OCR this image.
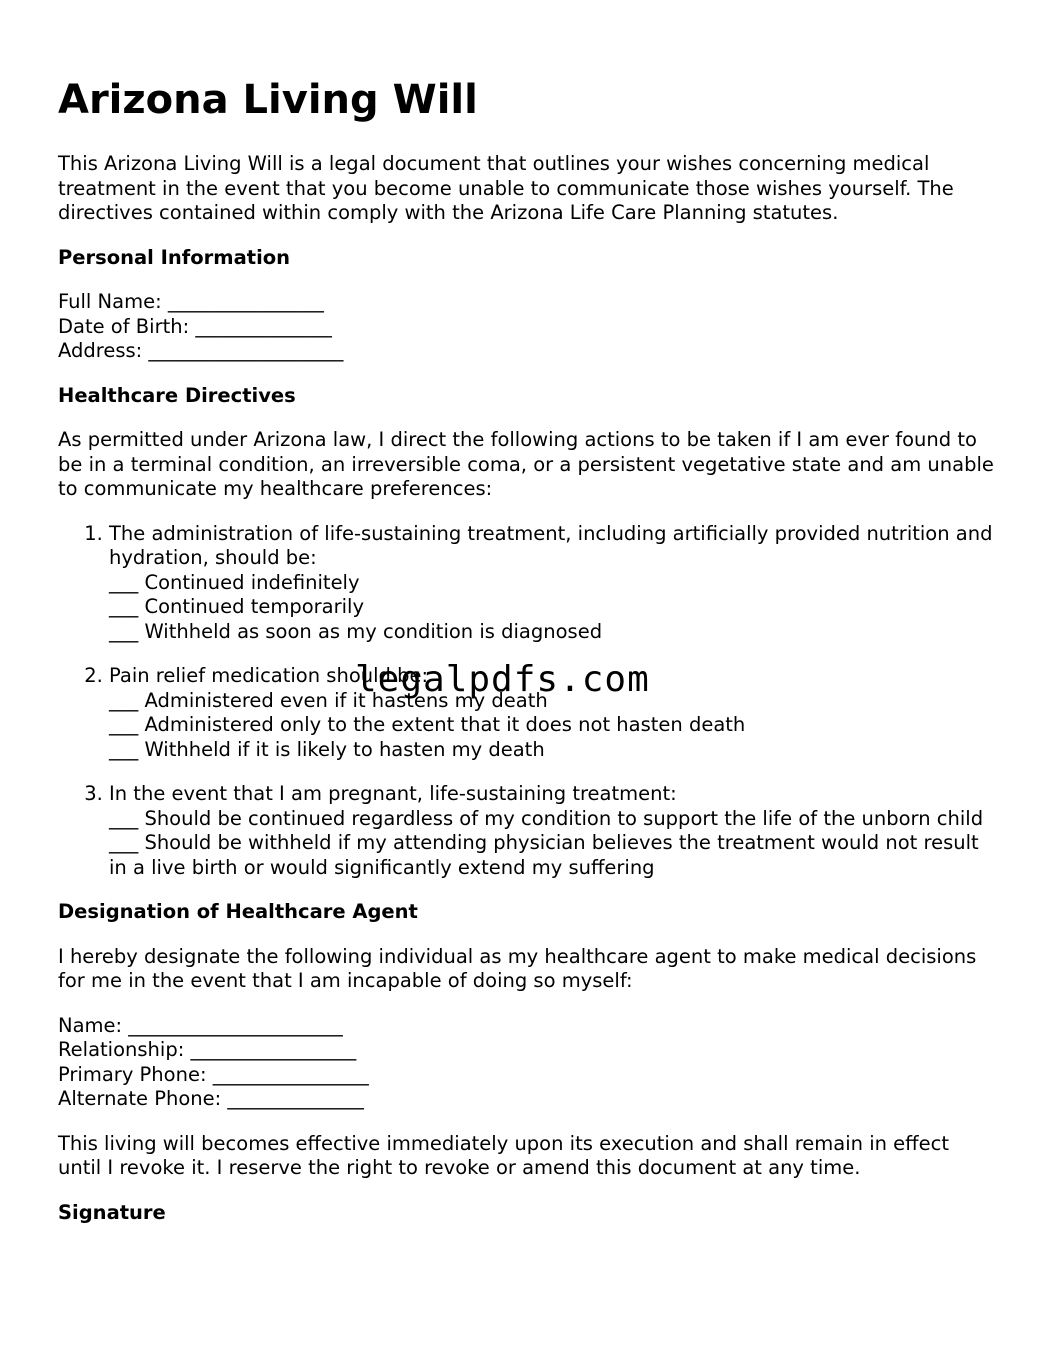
Arizona Living Will

This Arizona Living Will is a legal document that outlines your wishes concerning medical treatment in the event that you become unable to communicate those wishes yourself. The directives contained within comply with the Arizona Life Care Planning statutes.

Personal Information
Full Name: ________________
Date of Birth: ______________
Address: ____________________
Healthcare Directives

As permitted under Arizona law, I direct the following actions to be taken if I am ever found to be in a terminal condition, an irreversible coma, or a persistent vegetative state and am unable to communicate my healthcare preferences:

1. The administration of life-sustaining treatment, including artificially provided nutrition and hydration, should be:
___ Continued indefinitely
___ Continued temporarily
___ Withheld as soon as my condition is diagnosed
2. Pain relief medication should be:
___ Administered even if it hastens my death
___ Administered only to the extent that it does not hasten death
___ Withheld if it is likely to hasten my death
3. In the event that I am pregnant, life-sustaining treatment:
___ Should be continued regardless of my condition to support the life of the unborn child
___ Should be withheld if my attending physician believes the treatment would not result in a live birth or would significantly extend my suffering
Designation of Healthcare Agent

I hereby designate the following individual as my healthcare agent to make medical decisions for me in the event that I am incapable of doing so myself:

Name: ______________________
Relationship: _________________
Primary Phone: ________________
Alternate Phone: ______________

This living will becomes effective immediately upon its execution and shall remain in effect until I revoke it. I reserve the right to revoke or amend this document at any time.

Signature
legalpdfs.com
